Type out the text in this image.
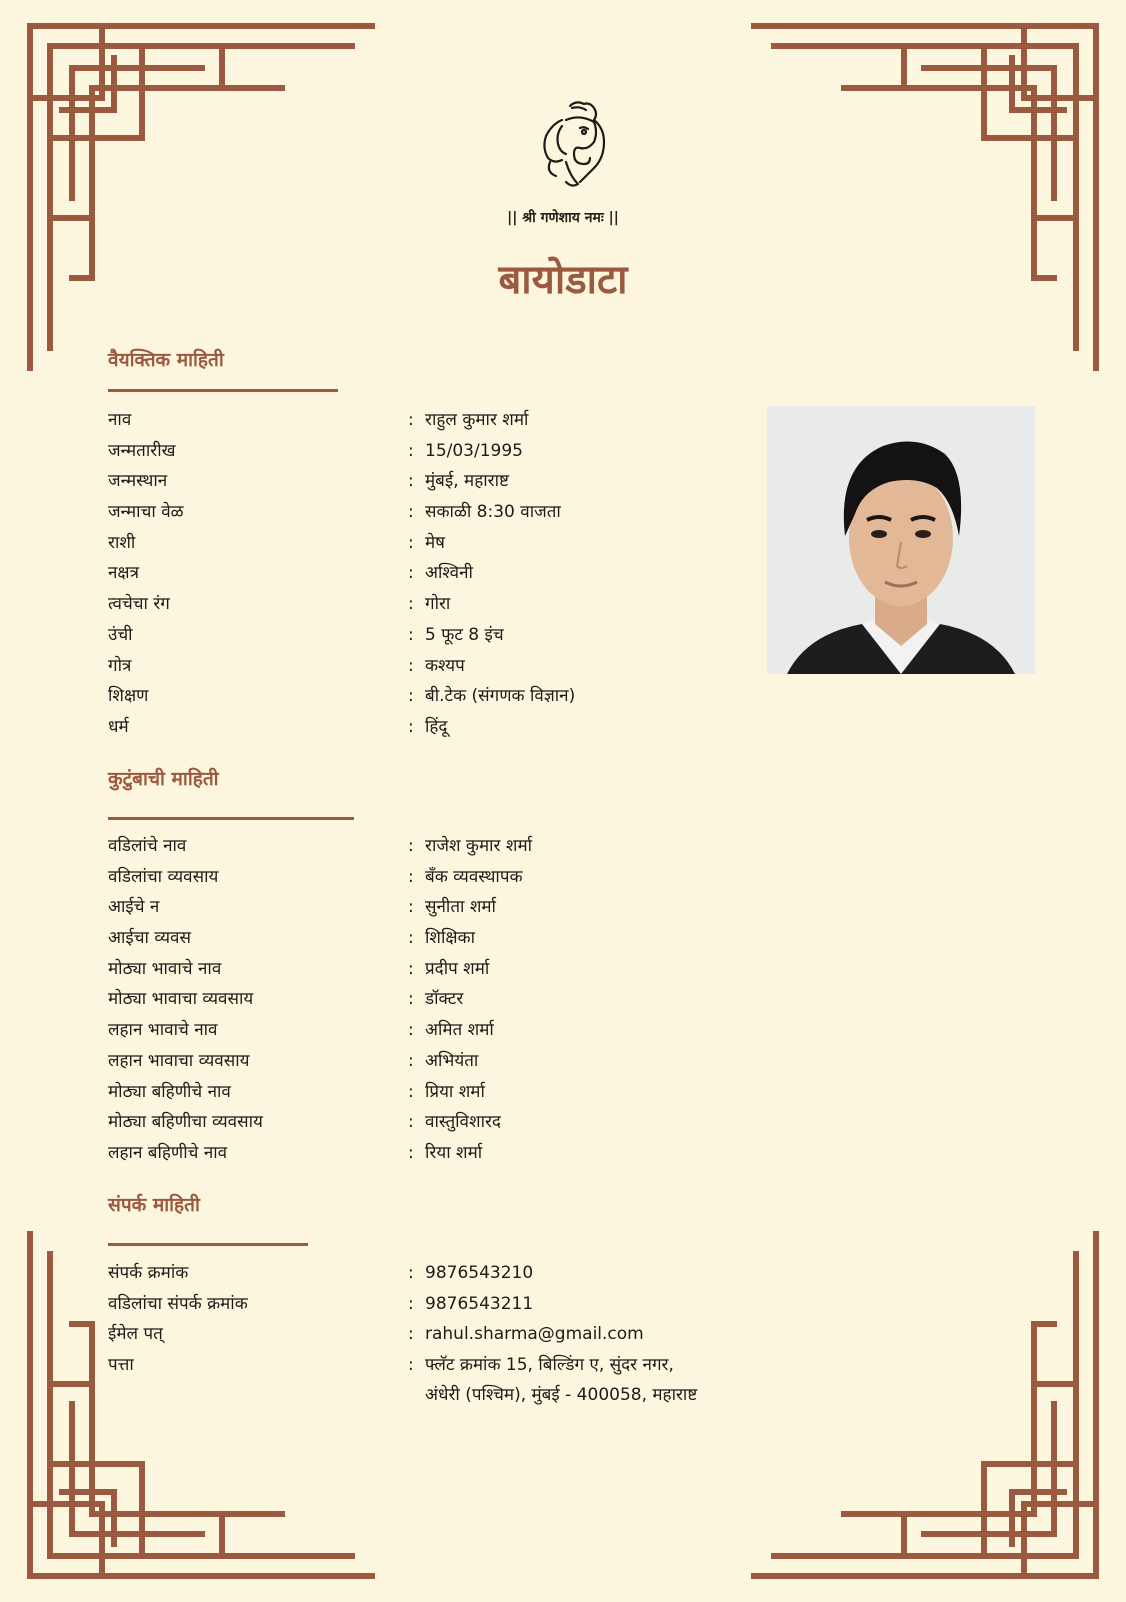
|| श्री गणेशाय नमः ||
बायोडाटा
वैयक्तिक माहिती
नाव	: राहुल कुमार शर्मा
जन्मतारीख	: 15/03/1995
जन्मस्थान	: मुंबई, महाराष्ट
जन्माचा वेळ	: सकाळी 8:30 वाजता
राशी	: मेष
नक्षत्र	: अश्विनी
त्वचेचा रंग	: गोरा
उंची	: 5 फूट 8 इंच
गोत्र	: कश्यप
शिक्षण	: बी.टेक (संगणक विज्ञान)
धर्म	: हिंदू
कुटुंबाची माहिती
वडिलांचे नाव	: राजेश कुमार शर्मा
वडिलांचा व्यवसाय	: बँक व्यवस्थापक
आईचे न	: सुनीता शर्मा
आईचा व्यवस	: शिक्षिका
मोठ्या भावाचे नाव	: प्रदीप शर्मा
मोठ्या भावाचा व्यवसाय	: डॉक्टर
लहान भावाचे नाव	: अमित शर्मा
लहान भावाचा व्यवसाय	: अभियंता
मोठ्या बहिणीचे नाव	: प्रिया शर्मा
मोठ्या बहिणीचा व्यवसाय	: वास्तुविशारद
लहान बहिणीचे नाव	: रिया शर्मा
संपर्क माहिती
संपर्क क्रमांक	: 9876543210
वडिलांचा संपर्क क्रमांक	: 9876543211
ईमेल पत्	: rahul.sharma@gmail.com
पत्ता	: फ्लॅट क्रमांक 15, बिल्डिंग ए, सुंदर नगर,
अंधेरी (पश्चिम), मुंबई - 400058, महाराष्ट
